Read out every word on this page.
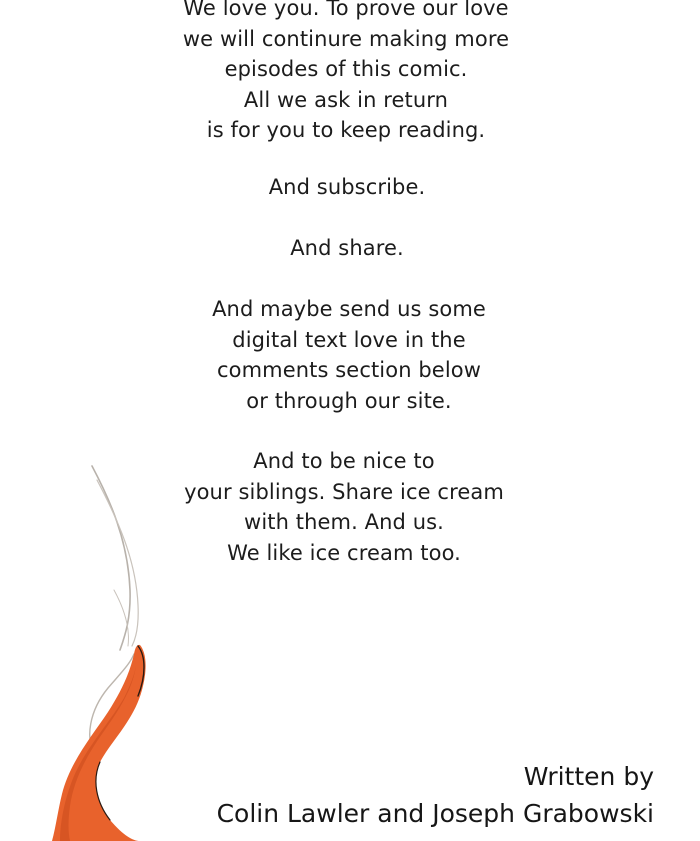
We love you. To prove our love
we will continure making more
episodes of this comic.
All we ask in return
is for you to keep reading.
And subscribe.
And share.
And maybe send us some
digital text love in the
comments section below
or through our site.
And to be nice to
your siblings. Share ice cream
with them. And us.
We like ice cream too.
Written by
Colin Lawler and Joseph Grabowski
